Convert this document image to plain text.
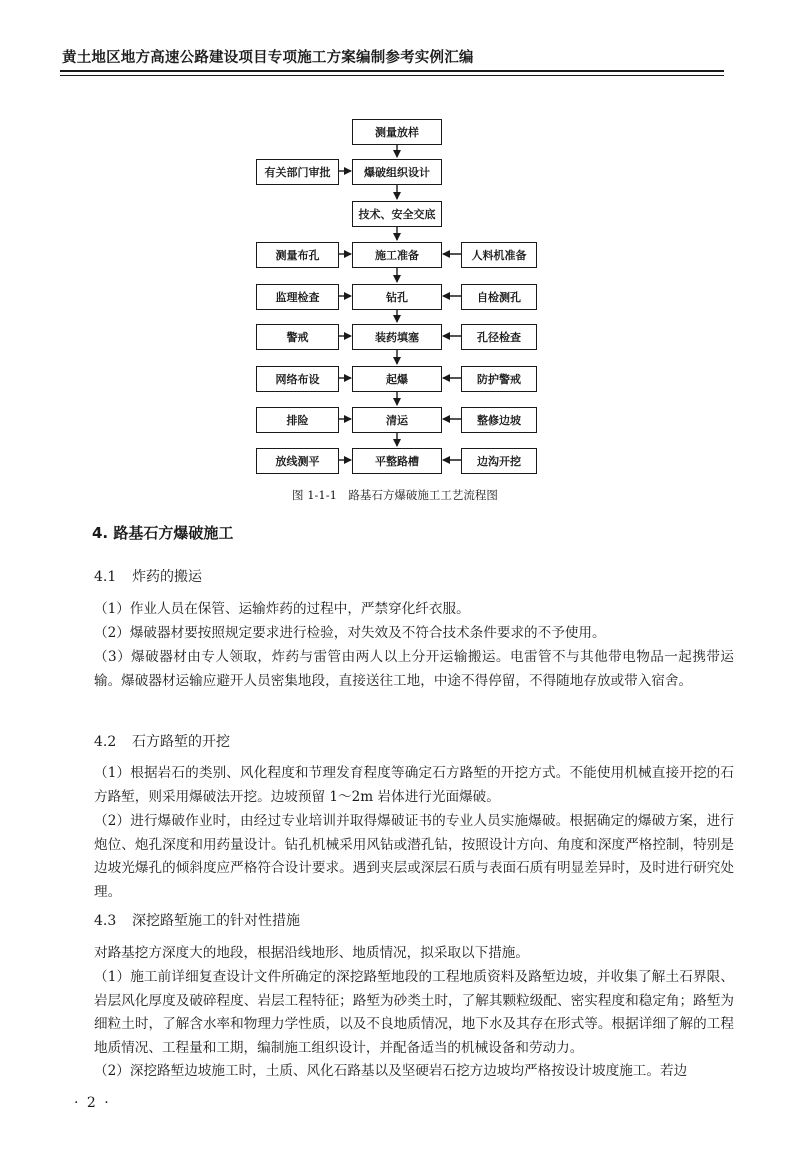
黄土地区地方高速公路建设项目专项施工方案编制参考实例汇编
测量放样
爆破组织设计
技术、安全交底
施工准备
钻孔
装药填塞
起爆
清运
平整路槽
有关部门审批
测量布孔
监理检查
警戒
网络布设
排险
放线测平
人料机准备
自检测孔
孔径检查
防护警戒
整修边坡
边沟开挖
图 1-1-1　路基石方爆破施工工艺流程图
4. 路基石方爆破施工
4.1 炸药的搬运
（1）作业人员在保管、运输炸药的过程中，严禁穿化纤衣服。
（2）爆破器材要按照规定要求进行检验，对失效及不符合技术条件要求的不予使用。
（3）爆破器材由专人领取，炸药与雷管由两人以上分开运输搬运。电雷管不与其他带电物品一起携带运输。爆破器材运输应避开人员密集地段，直接送往工地，中途不得停留，不得随地存放或带入宿舍。
4.2 石方路堑的开挖
（1）根据岩石的类别、风化程度和节理发育程度等确定石方路堑的开挖方式。不能使用机械直接开挖的石方路堑，则采用爆破法开挖。边坡预留 1～2m 岩体进行光面爆破。
（2）进行爆破作业时，由经过专业培训并取得爆破证书的专业人员实施爆破。根据确定的爆破方案，进行炮位、炮孔深度和用药量设计。钻孔机械采用风钻或潜孔钻，按照设计方向、角度和深度严格控制，特别是边坡光爆孔的倾斜度应严格符合设计要求。遇到夹层或深层石质与表面石质有明显差异时，及时进行研究处理。
4.3 深挖路堑施工的针对性措施
对路基挖方深度大的地段，根据沿线地形、地质情况，拟采取以下措施。
（1）施工前详细复查设计文件所确定的深挖路堑地段的工程地质资料及路堑边坡，并收集了解土石界限、岩层风化厚度及破碎程度、岩层工程特征；路堑为砂类土时，了解其颗粒级配、密实程度和稳定角；路堑为细粒土时，了解含水率和物理力学性质，以及不良地质情况，地下水及其存在形式等。根据详细了解的工程地质情况、工程量和工期，编制施工组织设计，并配备适当的机械设备和劳动力。
（2）深挖路堑边坡施工时，土质、风化石路基以及坚硬岩石挖方边坡均严格按设计坡度施工。若边
· 2 ·
